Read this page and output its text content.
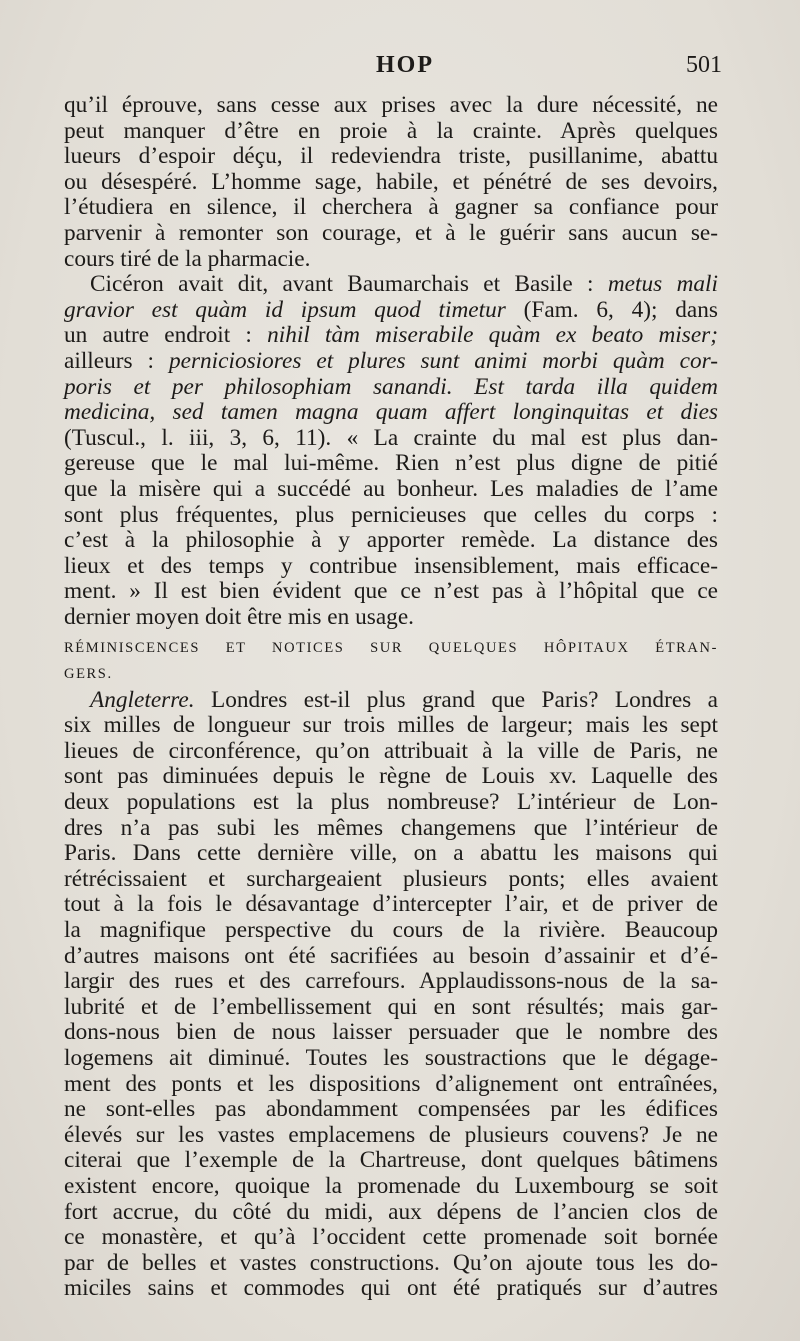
HOP	501

qu’il éprouve, sans cesse aux prises avec la dure nécessité, ne
peut manquer d’être en proie à la crainte. Après quelques
lueurs d’espoir déçu, il redeviendra triste, pusillanime, abattu
ou désespéré. L’homme sage, habile, et pénétré de ses devoirs,
l’étudiera en silence, il cherchera à gagner sa confiance pour
parvenir à remonter son courage, et à le guérir sans aucun se-
cours tiré de la pharmacie.

Cicéron avait dit, avant Baumarchais et Basile : metus mali
gravior est quàm id ipsum quod timetur (Fam. 6, 4); dans
un autre endroit : nihil tàm miserabile quàm ex beato miser;
ailleurs : perniciosiores et plures sunt animi morbi quàm cor-
poris et per philosophiam sanandi. Est tarda illa quidem
medicina, sed tamen magna quam affert longinquitas et dies
(Tuscul., l. iii, 3, 6, 11). « La crainte du mal est plus dan-
gereuse que le mal lui-même. Rien n’est plus digne de pitié
que la misère qui a succédé au bonheur. Les maladies de l’ame
sont plus fréquentes, plus pernicieuses que celles du corps :
c’est à la philosophie à y apporter remède. La distance des
lieux et des temps y contribue insensiblement, mais efficace-
ment. » Il est bien évident que ce n’est pas à l’hôpital que ce
dernier moyen doit être mis en usage.

RÉMINISCENCES ET NOTICES SUR QUELQUES HÔPITAUX ÉTRAN-
GERS.

Angleterre. Londres est-il plus grand que Paris? Londres a
six milles de longueur sur trois milles de largeur; mais les sept
lieues de circonférence, qu’on attribuait à la ville de Paris, ne
sont pas diminuées depuis le règne de Louis xv. Laquelle des
deux populations est la plus nombreuse? L’intérieur de Lon-
dres n’a pas subi les mêmes changemens que l’intérieur de
Paris. Dans cette dernière ville, on a abattu les maisons qui
rétrécissaient et surchargeaient plusieurs ponts; elles avaient
tout à la fois le désavantage d’intercepter l’air, et de priver de
la magnifique perspective du cours de la rivière. Beaucoup
d’autres maisons ont été sacrifiées au besoin d’assainir et d’é-
largir des rues et des carrefours. Applaudissons-nous de la sa-
lubrité et de l’embellissement qui en sont résultés; mais gar-
dons-nous bien de nous laisser persuader que le nombre des
logemens ait diminué. Toutes les soustractions que le dégage-
ment des ponts et les dispositions d’alignement ont entraînées,
ne sont-elles pas abondamment compensées par les édifices
élevés sur les vastes emplacemens de plusieurs couvens? Je ne
citerai que l’exemple de la Chartreuse, dont quelques bâtimens
existent encore, quoique la promenade du Luxembourg se soit
fort accrue, du côté du midi, aux dépens de l’ancien clos de
ce monastère, et qu’à l’occident cette promenade soit bornée
par de belles et vastes constructions. Qu’on ajoute tous les do-
miciles sains et commodes qui ont été pratiqués sur d’autres
